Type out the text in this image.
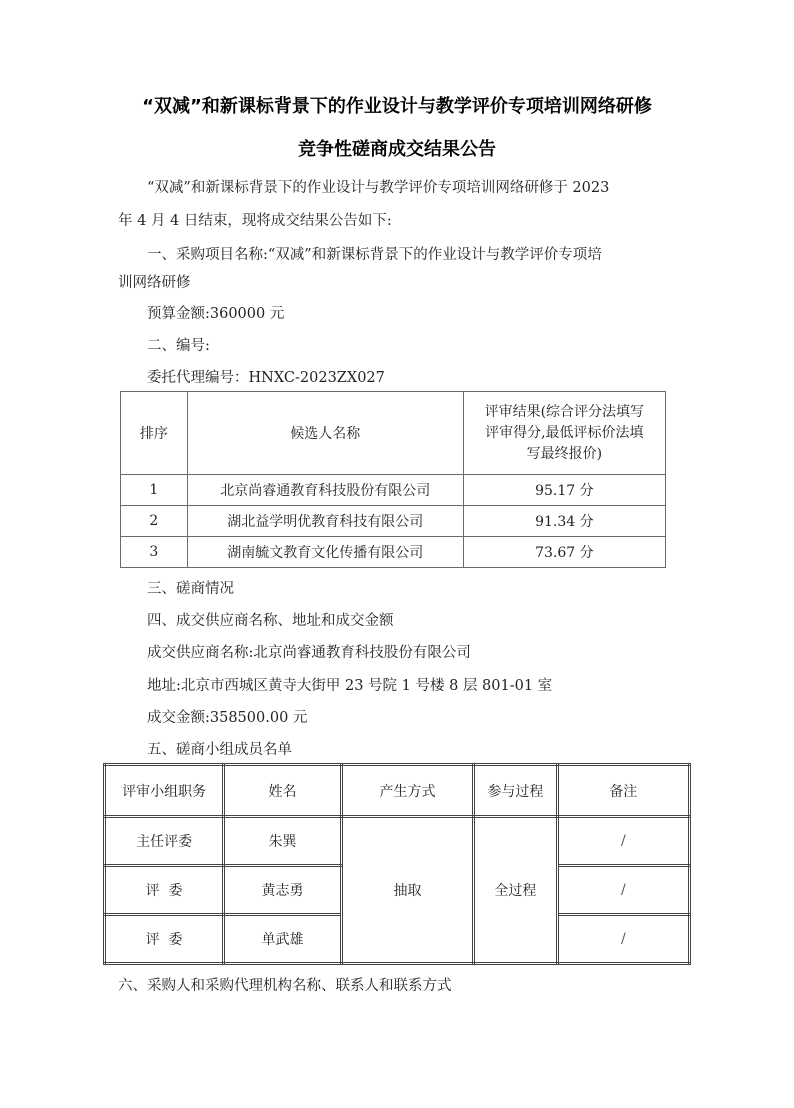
“双减”和新课标背景下的作业设计与教学评价专项培训网络研修
竞争性磋商成交结果公告
“双减”和新课标背景下的作业设计与教学评价专项培训网络研修于 2023
年 4 月 4 日结束，现将成交结果公告如下:
一、采购项目名称:“双减”和新课标背景下的作业设计与教学评价专项培
训网络研修
预算金额:360000 元
二、编号:
委托代理编号：HNXC-2023ZX027
排序	候选人名称	评审结果(综合评分法填写
评审得分,最低评标价法填
写最终报价)

1	北京尚睿通教育科技股份有限公司	95.17 分
2	湖北益学明优教育科技有限公司	91.34 分
3	湖南毓文教育文化传播有限公司	73.67 分
三、磋商情况
四、成交供应商名称、地址和成交金额
成交供应商名称:北京尚睿通教育科技股份有限公司
地址:北京市西城区黄寺大街甲 23 号院 1 号楼 8 层 801-01 室
成交金额:358500.00 元
五、磋商小组成员名单
评审小组职务	姓名	产生方式	参与过程	备注
主任评委	朱巽	抽取	全过程	/
评  委	黄志勇			/
评  委	单武雄			/
六、采购人和采购代理机构名称、联系人和联系方式
